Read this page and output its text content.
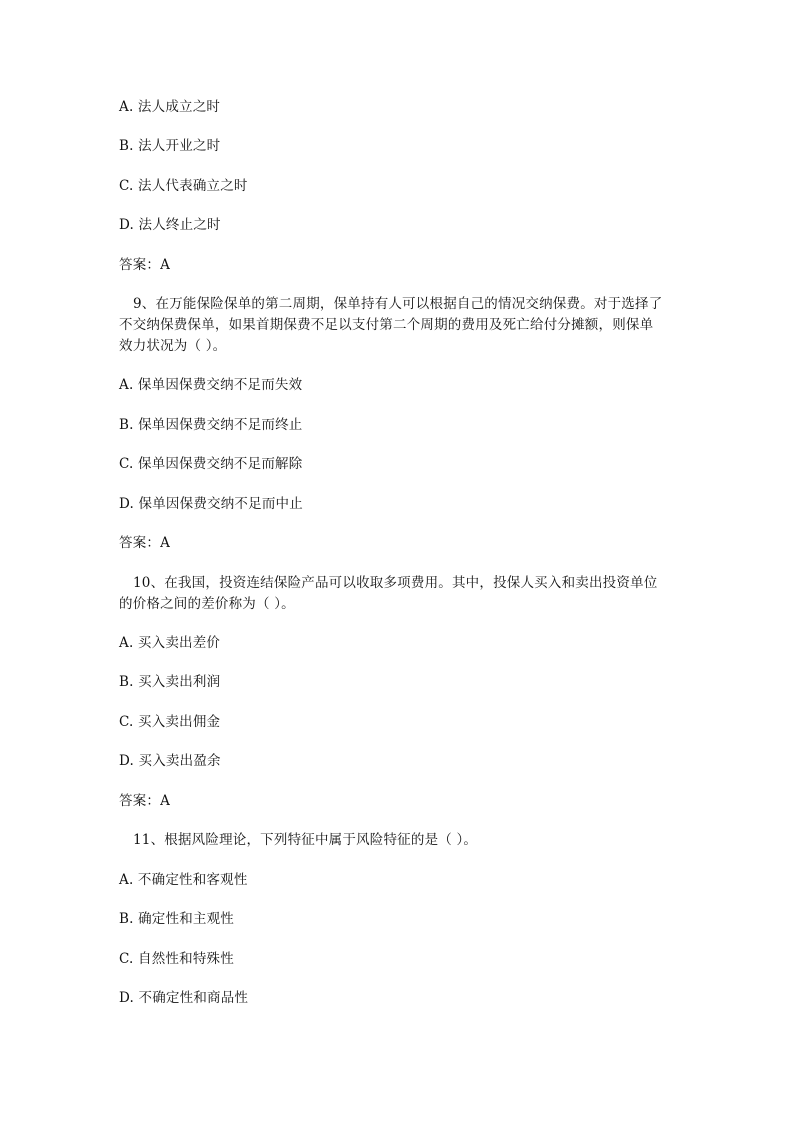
A. 法人成立之时
B. 法人开业之时
C. 法人代表确立之时
D. 法人终止之时
答案：A
9、在万能保险保单的第二周期，保单持有人可以根据自己的情况交纳保费。对于选择了
不交纳保费保单，如果首期保费不足以支付第二个周期的费用及死亡给付分摊额，则保单
效力状况为（ ）。
A. 保单因保费交纳不足而失效
B. 保单因保费交纳不足而终止
C. 保单因保费交纳不足而解除
D. 保单因保费交纳不足而中止
答案：A
10、在我国，投资连结保险产品可以收取多项费用。其中，投保人买入和卖出投资单位
的价格之间的差价称为（ ）。
A. 买入卖出差价
B. 买入卖出利润
C. 买入卖出佣金
D. 买入卖出盈余
答案：A
11、根据风险理论，下列特征中属于风险特征的是（ ）。
A. 不确定性和客观性
B. 确定性和主观性
C. 自然性和特殊性
D. 不确定性和商品性
